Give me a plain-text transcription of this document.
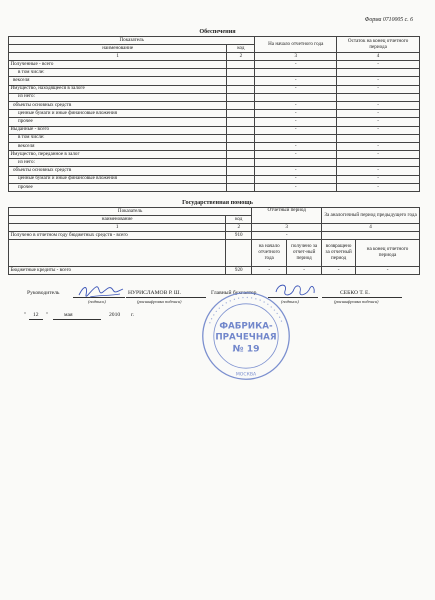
Форма 0710005 с. 6
Обеспечения
Показатель		На начало отчетного года	Остаток на конец отчетного периода
наименование	код		
1	2	3	4
Полученные - всего		-	-
в том числе:			
векселя		-	-
Имущество, находящееся в залоге		-	-
из него:			
объекты основных средств		-	-
ценные бумаги и иные финансовые вложения		-	-
прочее		-	-
Выданные - всего		-	-
в том числе:			
векселя		-	-
Имущество, переданное в залог		-	-
из него:			
объекты основных средств		-	-
ценные бумаги и иные финансовые вложения		-	-
прочее		-	-
Государственная помощь
Показатель		Отчетный период		За аналогичный период предыдущего года	
наименование	код				
1	2	3		4	
Получено в отчетном году бюджетных средств - всего	910	-			
		на начало отчетного года	получено за отчет-ный период	возвращено за отчетный период	на конец отчетного периода
Бюджетные кредиты - всего	920	-	-	-	-
Руководитель	НУРИСЛАМОВ Р. Ш.
(подпись)	(расшифровка подписи)
Главный бухгалтер	СЕБКО Т. Е.
(подпись)	(расшифровка подписи)
" 12 "	мая	2010 г.
• • • • • • • • • • • • • • • • • • • • • •
МОСКВА
ФАБРИКА-
ПРАЧЕЧНАЯ
№ 19
